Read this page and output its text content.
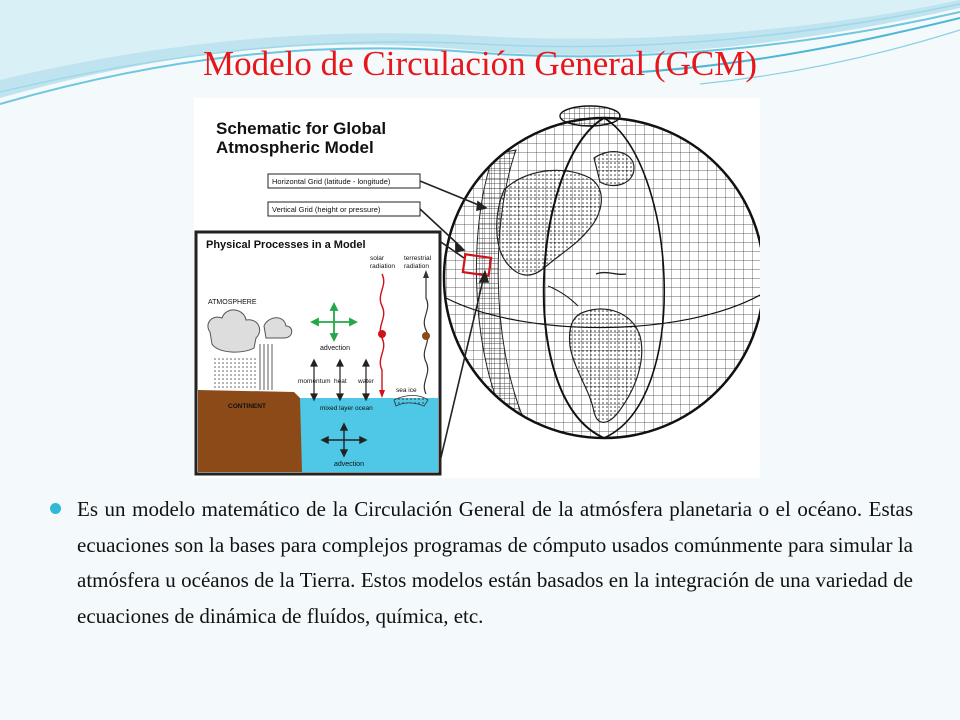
Modelo de Circulación General (GCM)
Schematic for Global
Atmospheric Model
Horizontal Grid (latitude - longitude)
Vertical Grid (height or pressure)
Physical Processes in a Model
ATMOSPHERE
advection
solar
radiation
terrestrial
radiation
momentum heat water
sea ice
CONTINENT	mixed layer ocean
advection

Es un modelo matemático de la Circulación General de la atmósfera planetaria o el océano. Estas ecuaciones son la bases para complejos programas de cómputo usados comúnmente para simular la atmósfera u océanos de la Tierra. Estos modelos están basados en la integración de una variedad de ecuaciones de dinámica de fluídos, química, etc.
